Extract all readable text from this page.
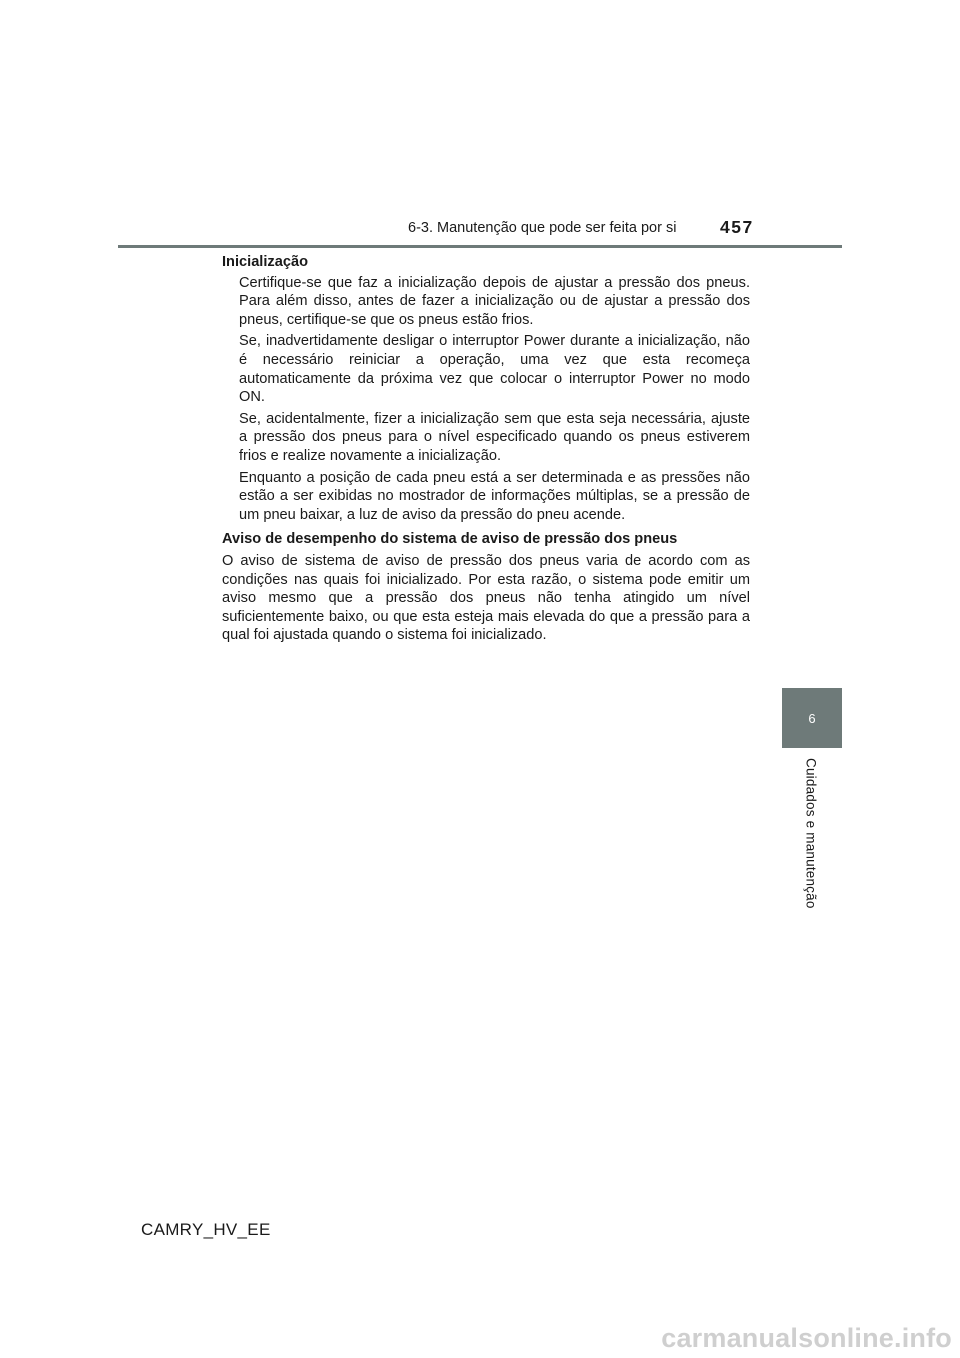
6-3. Manutenção que pode ser feita por si 457
6
Cuidados e manutenção
Inicialização

Certifique-se que faz a inicialização depois de ajustar a pressão dos pneus. Para além disso, antes de fazer a inicialização ou de ajustar a pressão dos pneus, certifique-se que os pneus estão frios.

Se, inadvertidamente desligar o interruptor Power durante a inicialização, não é necessário reiniciar a operação, uma vez que esta recomeça automaticamente da próxima vez que colocar o interruptor Power no modo ON.

Se, acidentalmente, fizer a inicialização sem que esta seja necessária, ajuste a pressão dos pneus para o nível especificado quando os pneus estiverem frios e realize novamente a inicialização.

Enquanto a posição de cada pneu está a ser determinada e as pressões não estão a ser exibidas no mostrador de informações múltiplas, se a pressão de um pneu baixar, a luz de aviso da pressão do pneu acende.

Aviso de desempenho do sistema de aviso de pressão dos pneus

O aviso de sistema de aviso de pressão dos pneus varia de acordo com as condições nas quais foi inicializado. Por esta razão, o sistema pode emitir um aviso mesmo que a pressão dos pneus não tenha atingido um nível suficientemente baixo, ou que esta esteja mais elevada do que a pressão para a qual foi ajustada quando o sistema foi inicializado.

CAMRY_HV_EE
carmanualsonline.info
